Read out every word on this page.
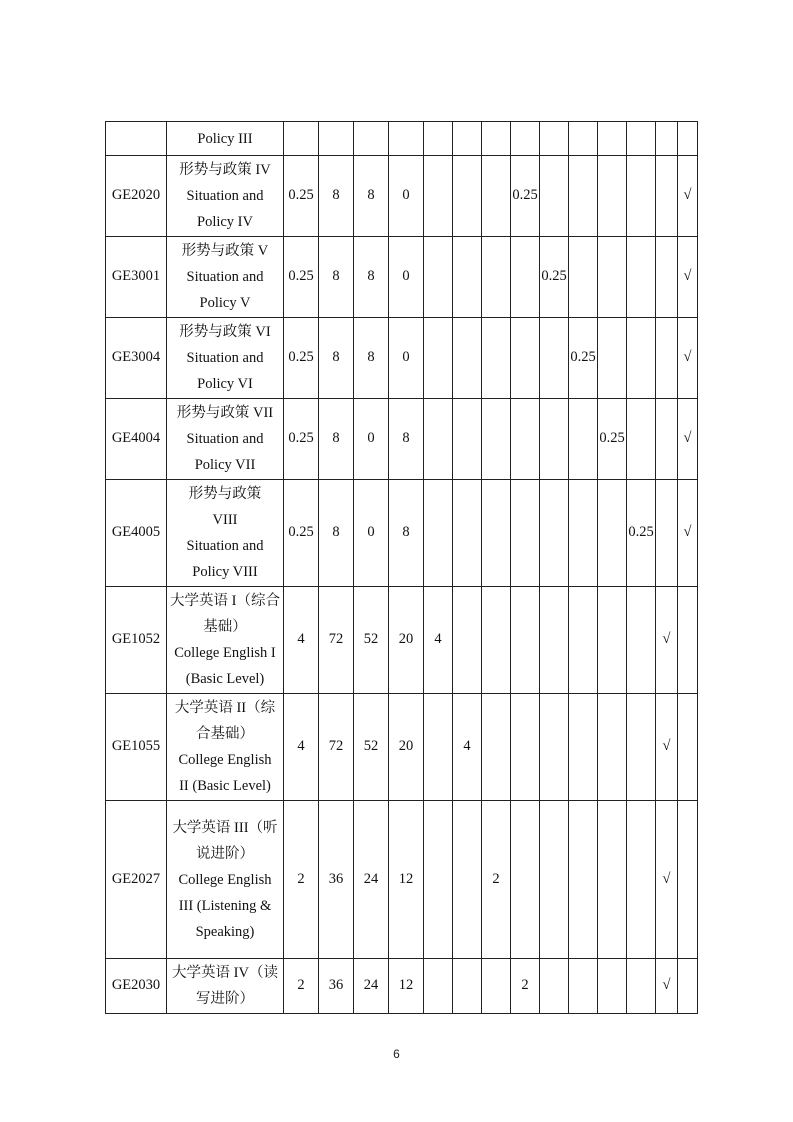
	Policy III														

GE2020	形势与政策 IV
Situation and
Policy IV	0.25	8	8	0				0.25						√
GE3001	形势与政策 V
Situation and
Policy V	0.25	8	8	0					0.25					√
GE3004	形势与政策 VI
Situation and
Policy VI	0.25	8	8	0						0.25				√
GE4004	形势与政策 VII
Situation and
Policy VII	0.25	8	0	8							0.25			√
GE4005	形势与政策
VIII
Situation and
Policy VIII	0.25	8	0	8								0.25		√
GE1052	大学英语 I（综合
基础）
College English I
(Basic Level)	4	72	52	20	4								√	
GE1055	大学英语 II（综
合基础）
College English
II (Basic Level)	4	72	52	20		4							√	
GE2027	大学英语 III（听
说进阶）
College English
III (Listening &
Speaking)	2	36	24	12			2						√	
GE2030	大学英语 IV（读
写进阶）	2	36	24	12				2					√	
6
